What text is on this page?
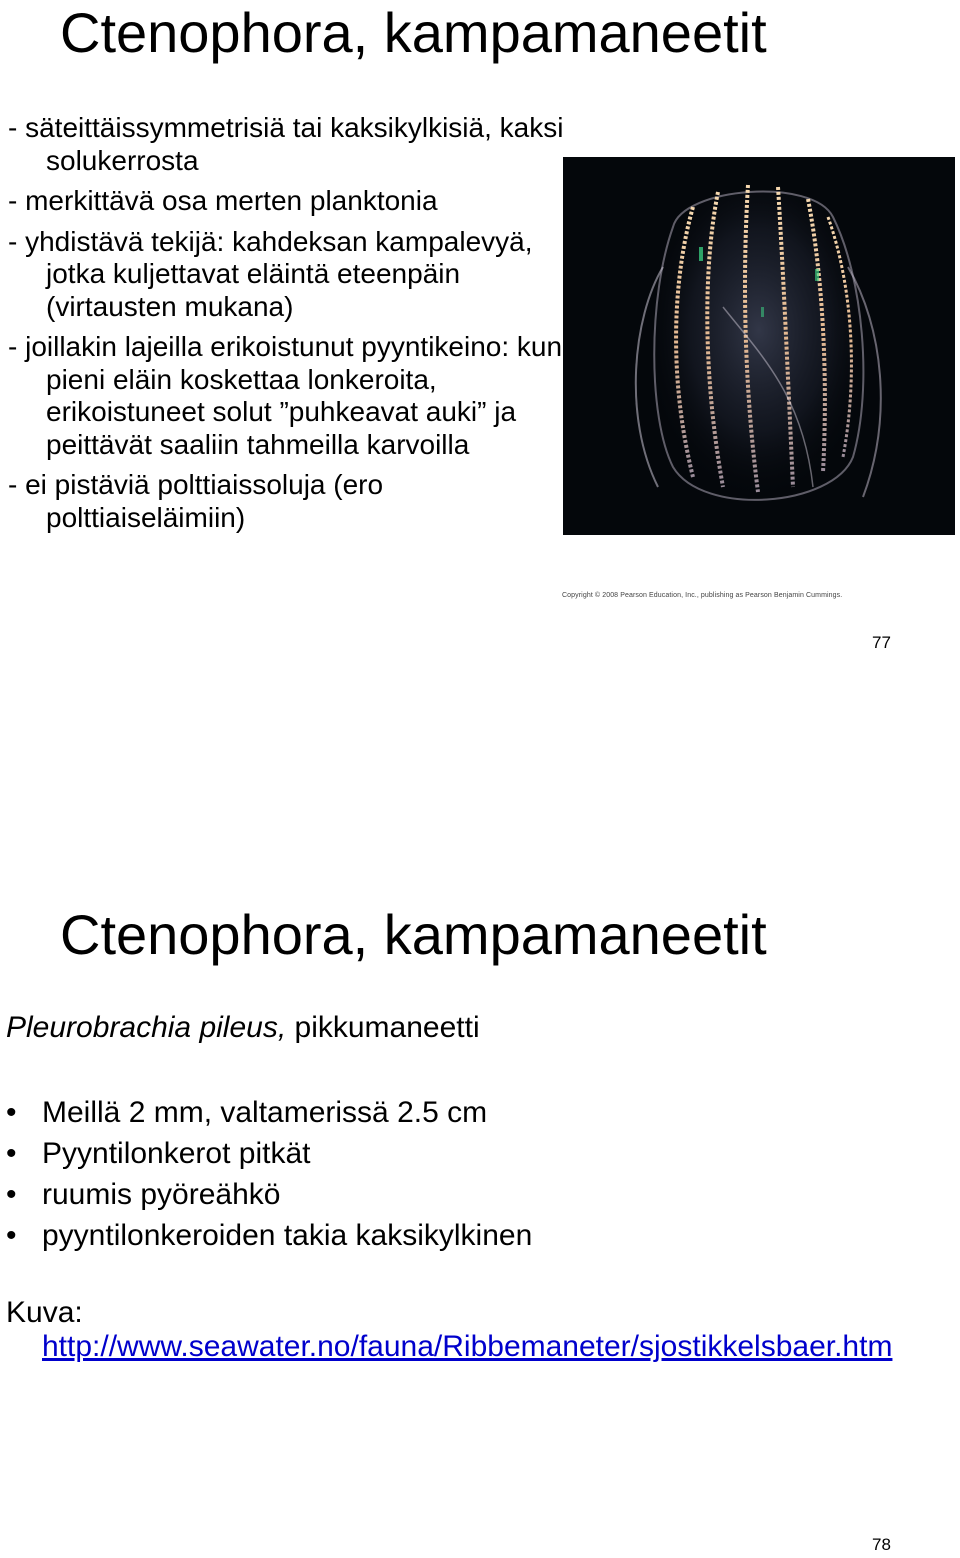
Ctenophora, kampamaneetit
- säteittäissymmetrisiä tai kaksikylkisiä, kaksi solukerrosta
- merkittävä osa merten planktonia
- yhdistävä tekijä: kahdeksan kampalevyä, jotka kuljettavat eläintä eteenpäin (virtausten mukana)
- joillakin lajeilla erikoistunut pyyntikeino: kun pieni eläin koskettaa lonkeroita, erikoistuneet solut ”puhkeavat auki” ja peittävät saaliin tahmeilla karvoilla
- ei pistäviä polttiaissoluja (ero polttiaiseläimiin)
Copyright © 2008 Pearson Education, Inc., publishing as Pearson Benjamin Cummings.
77
Ctenophora, kampamaneetit
Pleurobrachia pileus, pikkumaneetti
• Meillä 2 mm, valtamerissä 2.5 cm
• Pyyntilonkerot pitkät
• ruumis pyöreähkö
• pyyntilonkeroiden takia kaksikylkinen
Kuva:
http://www.seawater.no/fauna/Ribbemaneter/sjostikkelsbaer.htm
78
